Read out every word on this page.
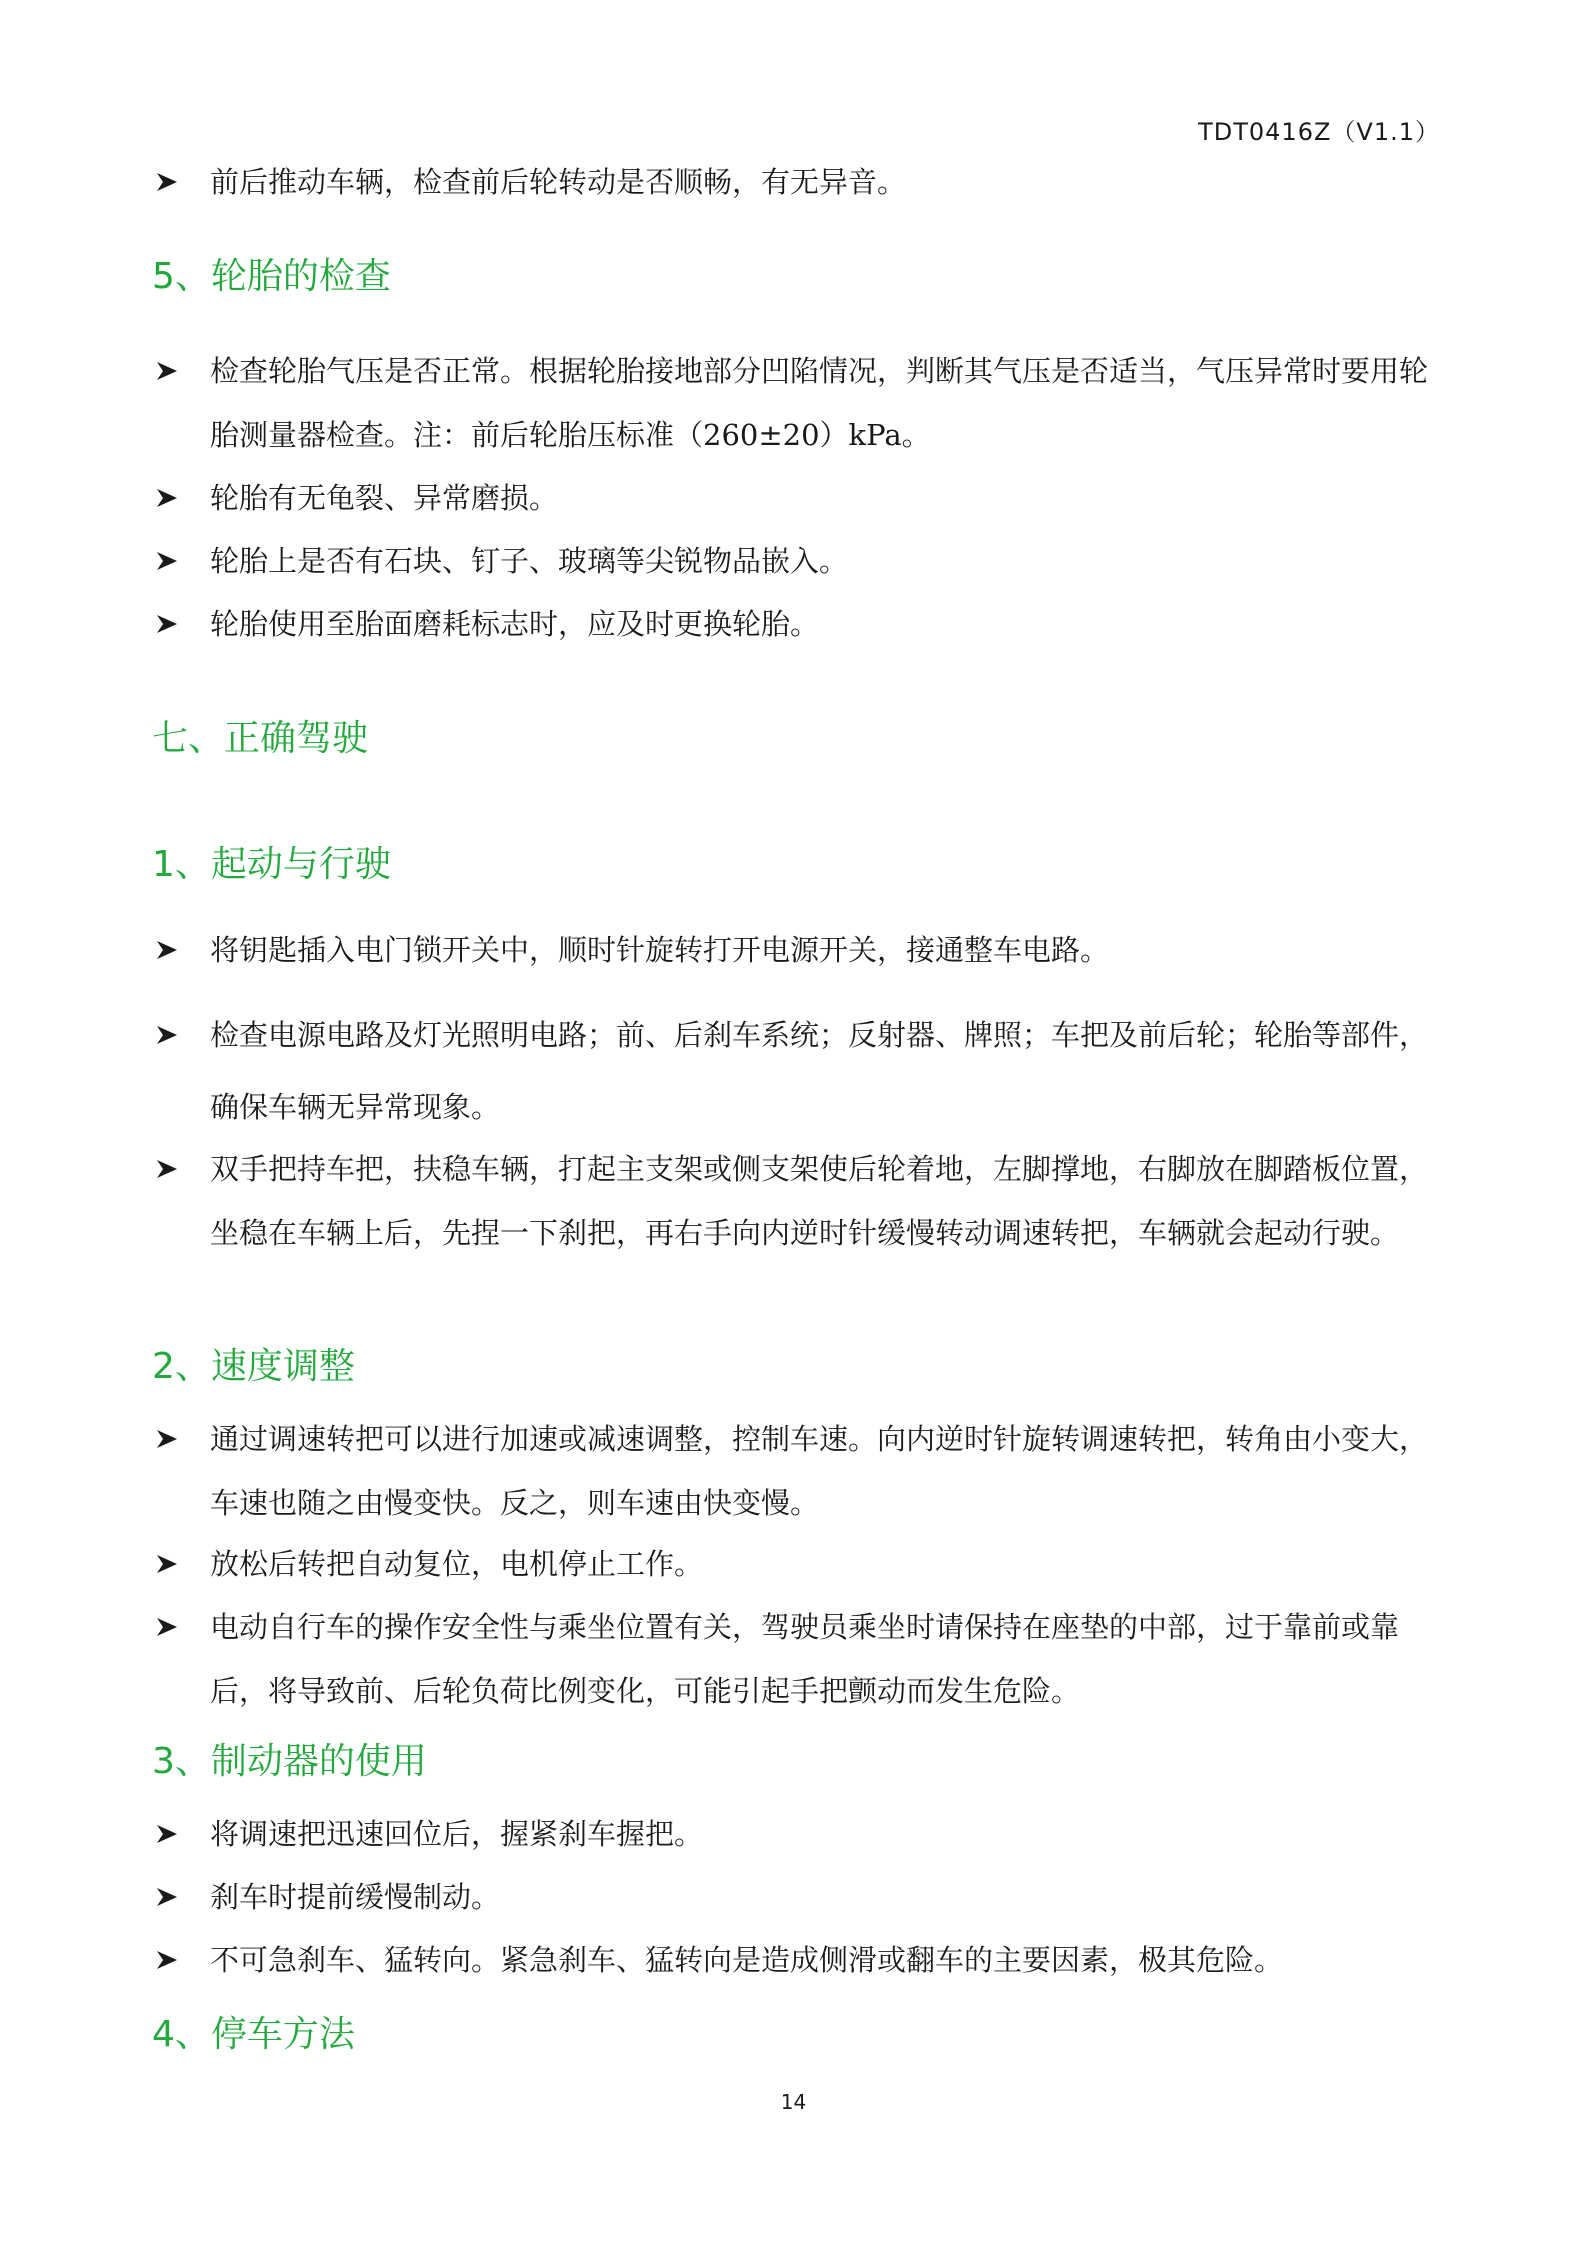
TDT0416Z（V1.1）
前后推动车辆，检查前后轮转动是否顺畅，有无异音。
5、轮胎的检查
检查轮胎气压是否正常。根据轮胎接地部分凹陷情况，判断其气压是否适当，气压异常时要用轮胎测量器检查。注：前后轮胎压标准（260±20）kPa。
轮胎有无龟裂、异常磨损。
轮胎上是否有石块、钉子、玻璃等尖锐物品嵌入。
轮胎使用至胎面磨耗标志时，应及时更换轮胎。
七、正确驾驶
1、起动与行驶
将钥匙插入电门锁开关中，顺时针旋转打开电源开关，接通整车电路。
检查电源电路及灯光照明电路；前、后刹车系统；反射器、牌照；车把及前后轮；轮胎等部件，确保车辆无异常现象。
双手把持车把，扶稳车辆，打起主支架或侧支架使后轮着地，左脚撑地，右脚放在脚踏板位置，坐稳在车辆上后，先捏一下刹把，再右手向内逆时针缓慢转动调速转把，车辆就会起动行驶。
2、速度调整
通过调速转把可以进行加速或减速调整，控制车速。向内逆时针旋转调速转把，转角由小变大，车速也随之由慢变快。反之，则车速由快变慢。
放松后转把自动复位，电机停止工作。
电动自行车的操作安全性与乘坐位置有关，驾驶员乘坐时请保持在座垫的中部，过于靠前或靠后，将导致前、后轮负荷比例变化，可能引起手把颤动而发生危险。
3、制动器的使用
将调速把迅速回位后，握紧刹车握把。
刹车时提前缓慢制动。
不可急刹车、猛转向。紧急刹车、猛转向是造成侧滑或翻车的主要因素，极其危险。
4、停车方法
14
